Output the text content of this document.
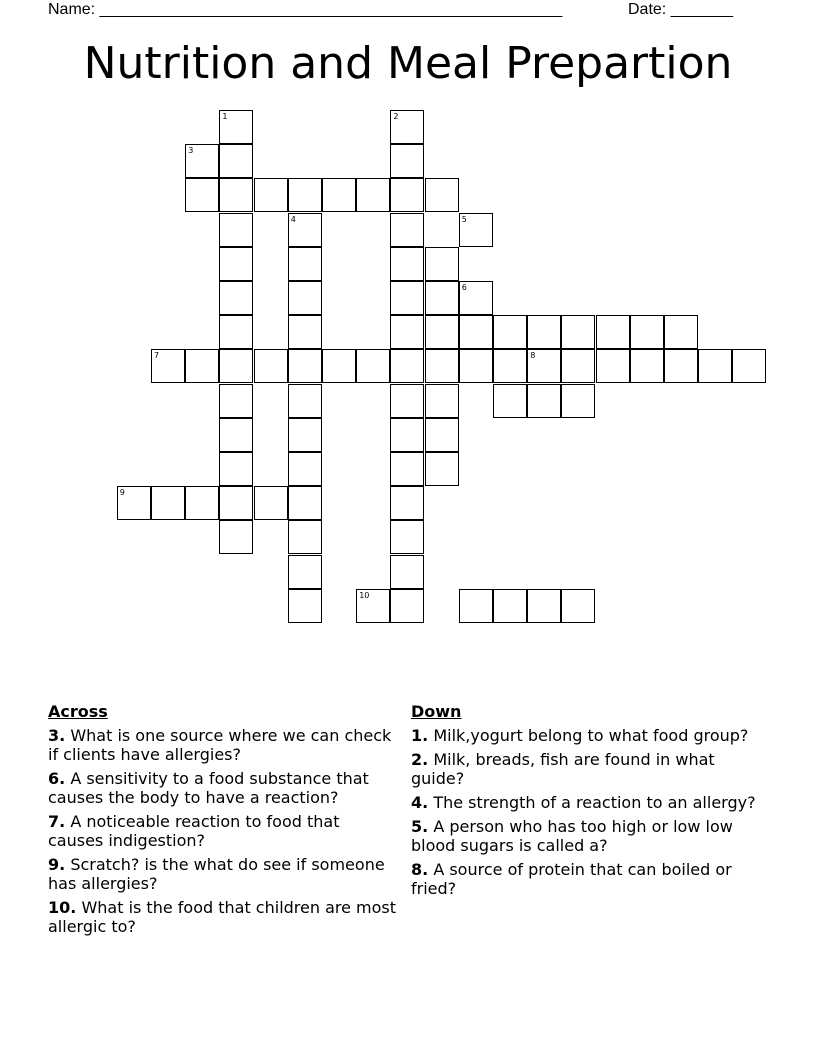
Name: ____________________________________________________	Date: _______
Nutrition and Meal Prepartion
1	2
3
4	5
6
7	8
9
10
Across
3. What is one source where we can check if clients have allergies?
6. A sensitivity to a food substance that causes the body to have a reaction?
7. A noticeable reaction to food that causes indigestion?
9. Scratch? is the what do see if someone has allergies?
10. What is the food that children are most allergic to?
Down
1. Milk,yogurt belong to what food group?
2. Milk, breads, fish are found in what guide?
4. The strength of a reaction to an allergy?
5. A person who has too high or low low blood sugars is called a?
8. A source of protein that can boiled or fried?
